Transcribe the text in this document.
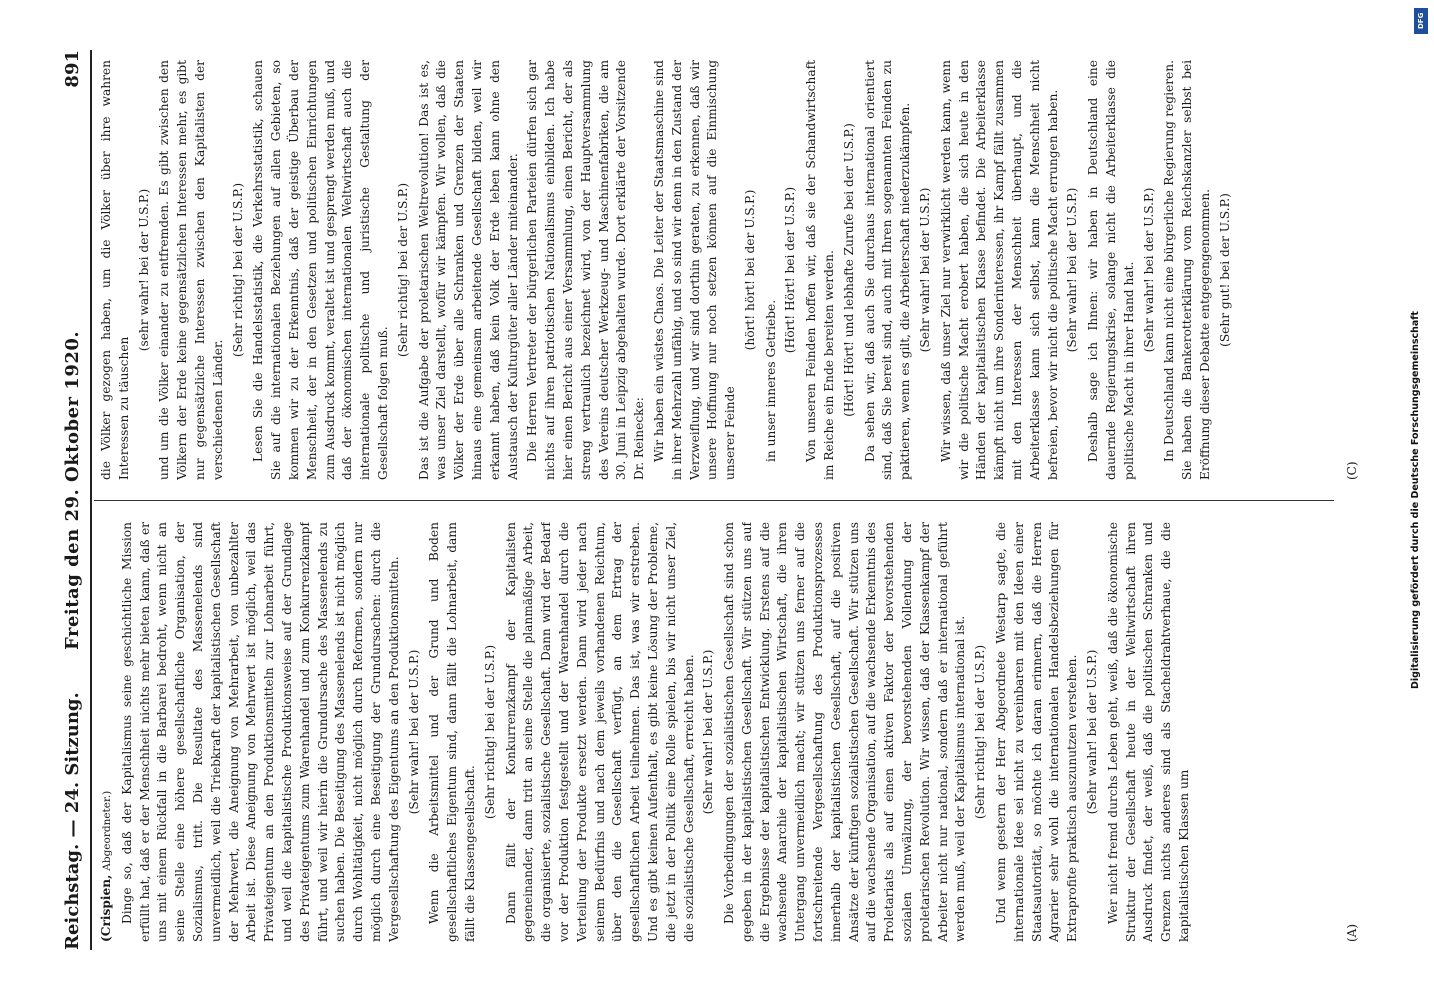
Reichstag. — 24. Sitzung.
Freitag den 29. Oktober 1920.
891

(Crispien, Abgeordneter.) Dinge so, daß der Kapitalismus seine geschichtliche Mission erfüllt hat, daß er der Menschheit nichts mehr bieten kann, daß er uns mit einem Rückfall in die Barbarei bedroht, wenn nicht an seine Stelle eine höhere gesellschaftliche Organisation, der Sozialismus, tritt. Die Resultate des Massenelends sind unvermeidlich, weil die Triebkraft der kapitalistischen Gesellschaft der Mehrwert, die Aneignung von Mehrarbeit, von unbezahlter Arbeit ist. Diese Aneignung von Mehrwert ist möglich, weil das Privateigentum an den Produktionsmitteln zur Lohnarbeit führt, und weil die kapitalistische Produktionsweise auf der Grundlage des Privateigentums zum Warenhandel und zum Konkurrenzkampf führt, und weil wir hierin die Grundursache des Massenelends zu suchen haben. Die Beseitigung des Massenelends ist nicht möglich durch Wohltätigkeit, nicht möglich durch Reformen, sondern nur möglich durch eine Beseitigung der Grundursachen: durch die Vergesellschaftung des Eigentums an den Produktionsmitteln. (Sehr wahr! bei der U.S.P.) Wenn die Arbeitsmittel und der Grund und Boden gesellschaftliches Eigentum sind, dann fällt die Lohnarbeit, dann fällt die Klassengesellschaft.

(Sehr richtig! bei der U.S.P.) Dann fällt der Konkurrenzkampf der Kapitalisten gegeneinander, dann tritt an seine Stelle die planmäßige Arbeit, die organisierte, sozialistische Gesellschaft. Dann wird der Bedarf vor der Produktion festgestellt und der Warenhandel durch die Verteilung der Produkte ersetzt werden. Dann wird jeder nach seinem Bedürfnis und nach dem jeweils vorhandenen Reichtum, über den die Gesellschaft verfügt, an dem Ertrag der gesellschaftlichen Arbeit teilnehmen. Das ist, was wir erstreben. Und es gibt keinen Aufenthalt, es gibt keine Lösung der Probleme, die jetzt in der Politik eine Rolle spielen, bis wir nicht unser Ziel, die sozialistische Gesellschaft, erreicht haben. (Sehr wahr! bei der U.S.P.) Die Vorbedingungen der sozialistischen Gesellschaft sind schon gegeben in der kapitalistischen Gesellschaft. Wir stützen uns auf die Ergebnisse der kapitalistischen Entwicklung. Erstens auf die wachsende Anarchie der kapitalistischen Wirtschaft, die ihren Untergang unvermeidlich macht; wir stützen uns ferner auf die fortschreitende Vergesellschaftung des Produktionsprozesses innerhalb der kapitalistischen Gesellschaft, auf die positiven Ansätze der künftigen sozialistischen Gesellschaft. Wir stützen uns auf die wachsende Organisation, auf die wachsende Erkenntnis des Proletariats als auf einen aktiven Faktor der bevorstehenden sozialen Umwälzung, der bevorstehenden Vollendung der proletarischen Revolution. Wir wissen, daß der Klassenkampf der Arbeiter nicht nur national, sondern daß er international geführt werden muß, weil der Kapitalismus international ist. (Sehr richtig! bei der U.S.P.) Und wenn gestern der Herr Abgeordnete Westarp sagte, die internationale Idee sei nicht zu vereinbaren mit den Ideen einer Staatsautorität, so möchte ich daran erinnern, daß die Herren Agrarier sehr wohl die internationalen Handelsbeziehungen für Extraprofite praktisch auszunutzen verstehen. (Sehr wahr! bei der U.S.P.) Wer nicht fremd durchs Leben geht, weiß, daß die ökonomische Struktur der Gesellschaft heute in der Weltwirtschaft ihren Ausdruck findet, der weiß, daß die politischen Schranken und Grenzen nichts anderes sind als Stacheldrahtverhaue, die die kapitalistischen Klassen um

die Völker gezogen haben, um die Völker über ihre wahren Interessen zu täuschen

(sehr wahr! bei der U.S.P.) und um die Völker einander zu entfremden. Es gibt zwischen den Völkern der Erde keine gegensätzlichen Interessen mehr, es gibt nur gegensätzliche Interessen zwischen den Kapitalisten der verschiedenen Länder.

(Sehr richtig! bei der U.S.P.) Lesen Sie die Handelsstatistik, die Verkehrsstatistik, schauen Sie auf die internationalen Beziehungen auf allen Gebieten, so kommen wir zu der Erkenntnis, daß der geistige Überbau der Menschheit, der in den Gesetzen und politischen Einrichtungen zum Ausdruck kommt, veraltet ist und gesprengt werden muß, und daß der ökonomischen internationalen Weltwirtschaft auch die internationale politische und juristische Gestaltung der Gesellschaft folgen muß.

(Sehr richtig! bei der U.S.P.) Das ist die Aufgabe der proletarischen Weltrevolution! Das ist es, was unser Ziel darstellt, wofür wir kämpfen. Wir wollen, daß die Völker der Erde über alle Schranken und Grenzen der Staaten hinaus eine gemeinsam arbeitende Gesellschaft bilden, weil wir erkannt haben, daß kein Volk der Erde leben kann ohne den Austausch der Kulturgüter aller Länder miteinander. Die Herren Vertreter der bürgerlichen Parteien dürfen sich gar nichts auf ihren patriotischen Nationalismus einbilden. Ich habe hier einen Bericht aus einer Versammlung, einen Bericht, der als streng vertraulich bezeichnet wird, von der Hauptversammlung des Vereins deutscher Werkzeug- und Maschinenfabriken, die am 30. Juni in Leipzig abgehalten wurde. Dort erklärte der Vorsitzende Dr. Reinecke: Wir haben ein wüstes Chaos. Die Leiter der Staatsmaschine sind in ihrer Mehrzahl unfähig, und so sind wir denn in den Zustand der Verzweiflung, und wir sind dorthin geraten, zu erkennen, daß wir unsere Hoffnung nur noch setzen können auf die Einmischung unserer Feinde

(hört! hört! bei der U.S.P.)

in unser inneres Getriebe.

(Hört! Hört! bei der U.S.P.) Von unseren Feinden hoffen wir, daß sie der Schandwirtschaft im Reiche ein Ende bereiten werden. (Hört! Hört! und lebhafte Zurufe bei der U.S.P.) Da sehen wir, daß auch Sie durchaus international orientiert sind, daß Sie bereit sind, auch mit Ihren sogenannten Feinden zu paktieren, wenn es gilt, die Arbeiterschaft niederzukämpfen. (Sehr wahr! bei der U.S.P.) Wir wissen, daß unser Ziel nur verwirklicht werden kann, wenn wir die politische Macht erobert haben, die sich heute in den Händen der kapitalistischen Klasse befindet. Die Arbeiterklasse kämpft nicht um ihre Sonderinteressen, ihr Kampf fällt zusammen mit den Interessen der Menschheit überhaupt, und die Arbeiterklasse kann sich selbst, kann die Menschheit nicht befreien, bevor wir nicht die politische Macht errungen haben. (Sehr wahr! bei der U.S.P.) Deshalb sage ich Ihnen: wir haben in Deutschland eine dauernde Regierungskrise, solange nicht die Arbeiterklasse die politische Macht in ihrer Hand hat. (Sehr wahr! bei der U.S.P.) In Deutschland kann nicht eine bürgerliche Regierung regieren. Sie haben die Bankerotterklärung vom Reichskanzler selbst bei Eröffnung dieser Debatte entgegengenommen. (Sehr gut! bei der U.S.P.)

(A)
(C)	Digitalisierung gefördert durch die Deutsche Forschungsgemeinschaft
DFG
